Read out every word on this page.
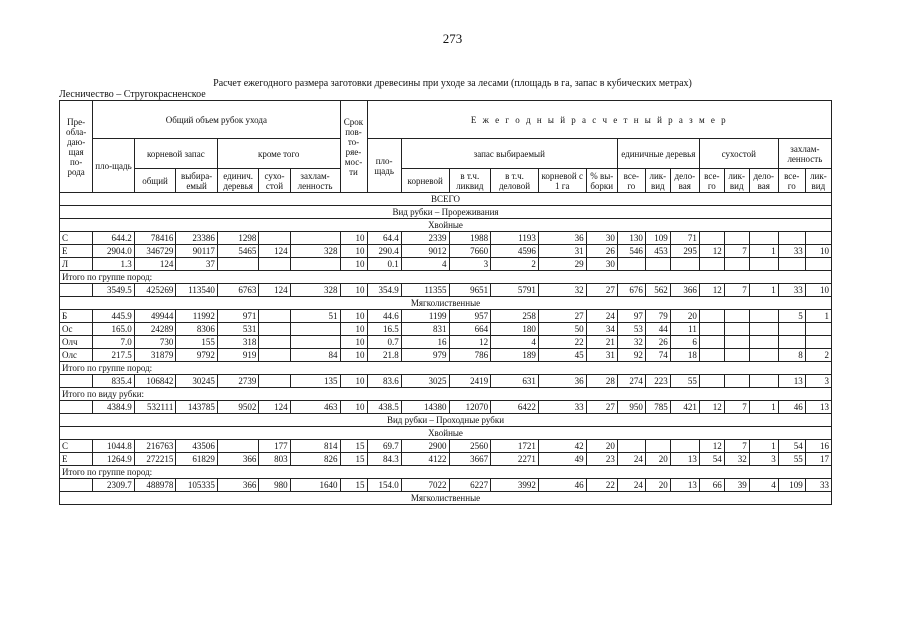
273
Расчет ежегодного размера заготовки древесины при уходе за лесами (площадь в га, запас в кубических метрах)
Лесничество – Стругокрасненское
Пре-обла-даю-щая по-рода	Общий объем рубок ухода						Срок пов-то-ряе-мос-ти	Е ж е г о д н ы й р а с ч е т н ы й р а з м е р													
	пло-щадь	корневой запас		кроме того				пло-щадь	запас выбираемый					единичные деревья			сухостой			захлам-ленность	
		общий	выбира-емый	единич. деревья	сухо-стой	захлам-ленность			корневой	в т.ч. ликвид	в т.ч. деловой	корневой с 1 га	% вы-борки	все-го	лик-вид	дело-вая	все-го	лик-вид	дело-вая	все-го	лик-вид
ВСЕГО																					
Вид рубки – Прореживания																					
Хвойные																					
С	644.2	78416	23386	1298			10	64.4	2339	1988	1193	36	30	130	109	71					
Е	2904.0	346729	90117	5465	124	328	10	290.4	9012	7660	4596	31	26	546	453	295	12	7	1	33	10
Л	1.3	124	37				10	0.1	4	3	2	29	30								
Итого по группе пород:																					
	3549.5	425269	113540	6763	124	328	10	354.9	11355	9651	5791	32	27	676	562	366	12	7	1	33	10
Мягколиственные																					
Б	445.9	49944	11992	971		51	10	44.6	1199	957	258	27	24	97	79	20				5	1
Ос	165.0	24289	8306	531			10	16.5	831	664	180	50	34	53	44	11					
Олч	7.0	730	155	318			10	0.7	16	12	4	22	21	32	26	6					
Олс	217.5	31879	9792	919		84	10	21.8	979	786	189	45	31	92	74	18				8	2
Итого по группе пород:																					
	835.4	106842	30245	2739		135	10	83.6	3025	2419	631	36	28	274	223	55				13	3
Итого по виду рубки:																					
	4384.9	532111	143785	9502	124	463	10	438.5	14380	12070	6422	33	27	950	785	421	12	7	1	46	13
Вид рубки – Проходные рубки																					
Хвойные																					
С	1044.8	216763	43506		177	814	15	69.7	2900	2560	1721	42	20				12	7	1	54	16
Е	1264.9	272215	61829	366	803	826	15	84.3	4122	3667	2271	49	23	24	20	13	54	32	3	55	17
Итого по группе пород:																					
	2309.7	488978	105335	366	980	1640	15	154.0	7022	6227	3992	46	22	24	20	13	66	39	4	109	33
Мягколиственные																					
